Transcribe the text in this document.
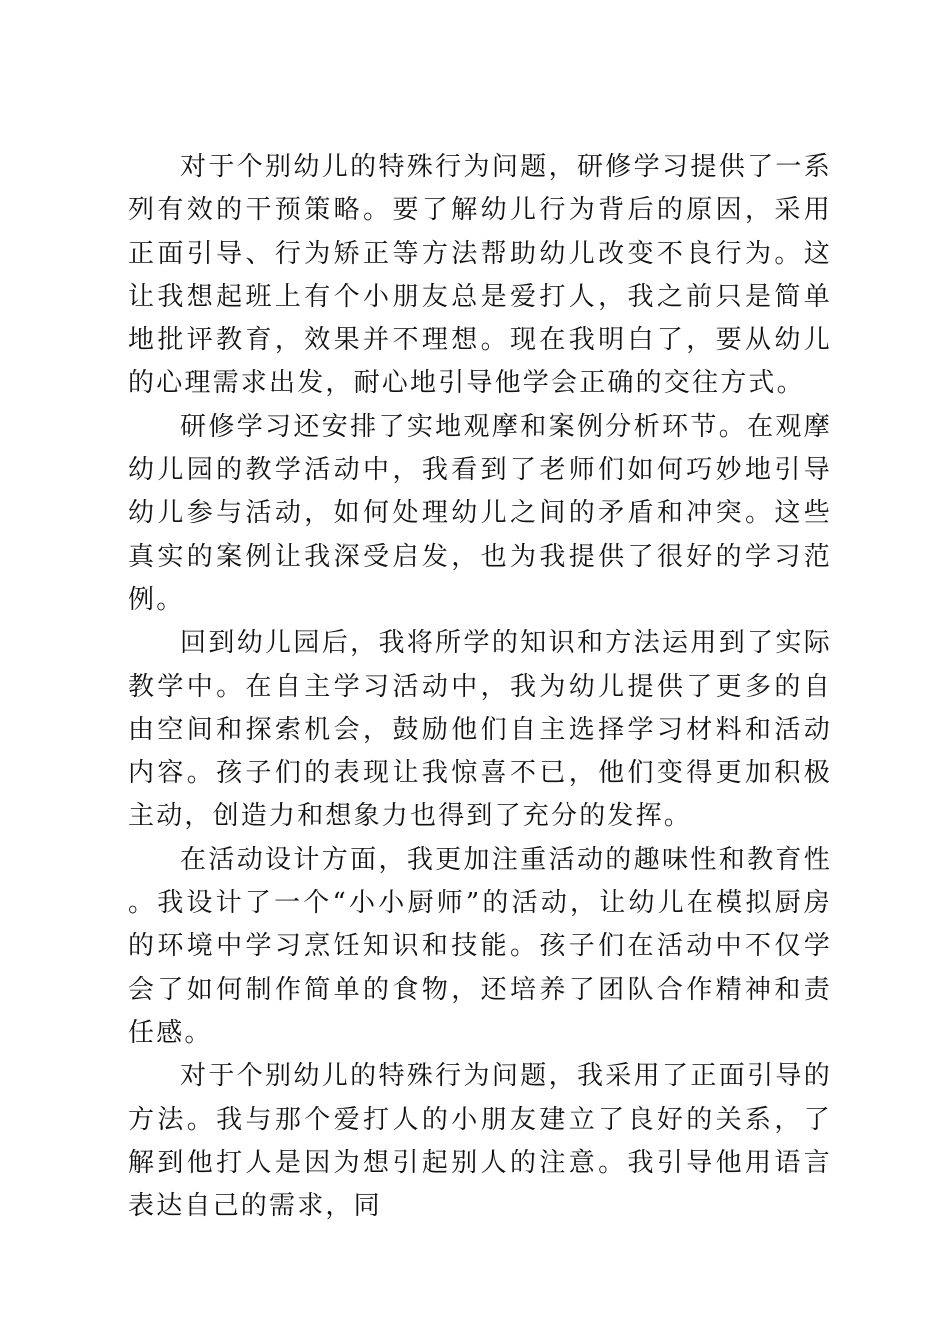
对于个别幼儿的特殊行为问题，研修学习提供了一系列有效的干预策略。要了解幼儿行为背后的原因，采用正面引导、行为矫正等方法帮助幼儿改变不良行为。这让我想起班上有个小朋友总是爱打人，我之前只是简单地批评教育，效果并不理想。现在我明白了，要从幼儿的心理需求出发，耐心地引导他学会正确的交往方式。

研修学习还安排了实地观摩和案例分析环节。在观摩幼儿园的教学活动中，我看到了老师们如何巧妙地引导幼儿参与活动，如何处理幼儿之间的矛盾和冲突。这些真实的案例让我深受启发，也为我提供了很好的学习范例。

回到幼儿园后，我将所学的知识和方法运用到了实际教学中。在自主学习活动中，我为幼儿提供了更多的自由空间和探索机会，鼓励他们自主选择学习材料和活动内容。孩子们的表现让我惊喜不已，他们变得更加积极主动，创造力和想象力也得到了充分的发挥。

在活动设计方面，我更加注重活动的趣味性和教育性。我设计了一个“小小厨师”的活动，让幼儿在模拟厨房的环境中学习烹饪知识和技能。孩子们在活动中不仅学会了如何制作简单的食物，还培养了团队合作精神和责任感。

对于个别幼儿的特殊行为问题，我采用了正面引导的方法。我与那个爱打人的小朋友建立了良好的关系，了解到他打人是因为想引起别人的注意。我引导他用语言表达自己的需求，同
